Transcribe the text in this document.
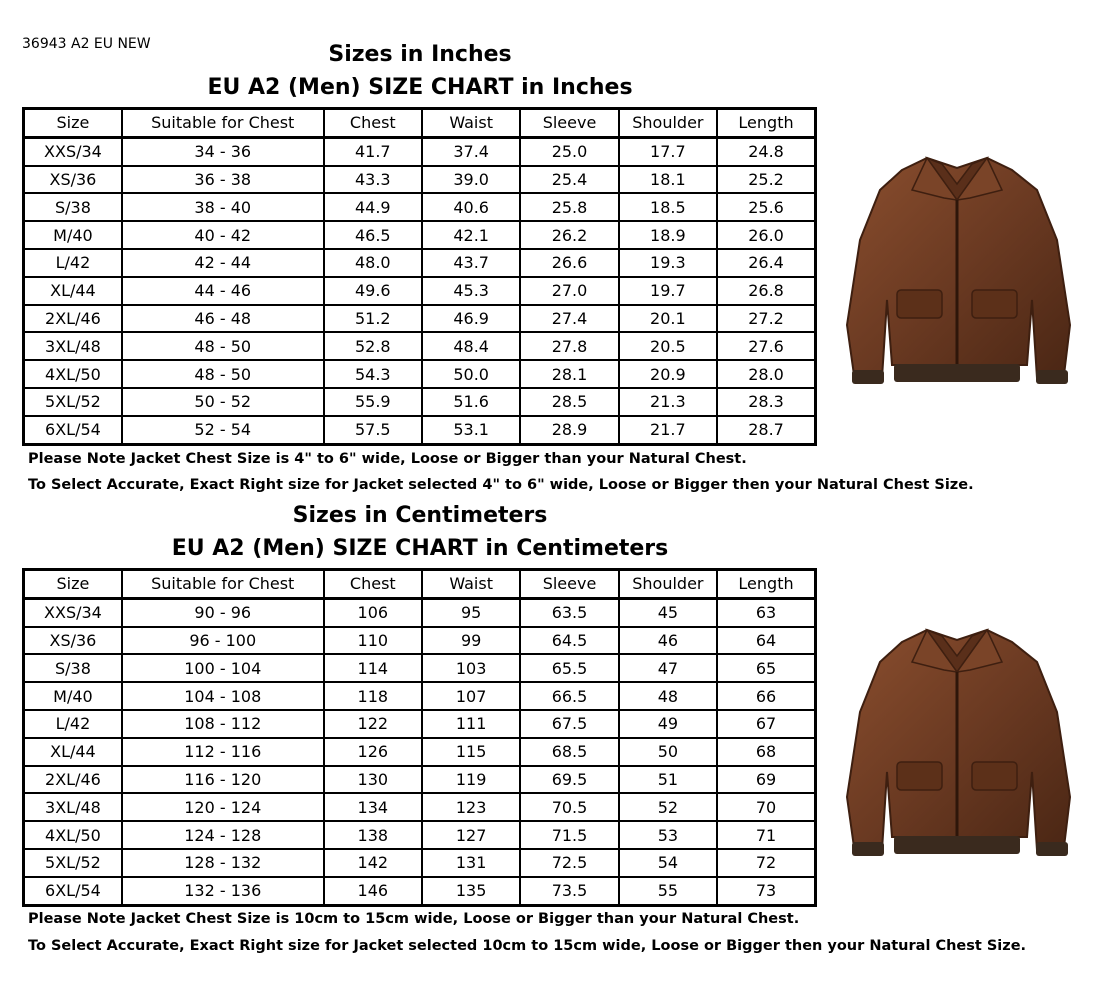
36943 A2 EU NEW	Sizes in Inches
EU A2 (Men) SIZE CHART in Inches
Size	Suitable for Chest	Chest	Waist	Sleeve	Shoulder	Length
XXS/34	34 - 36	41.7	37.4	25.0	17.7	24.8
XS/36	36 - 38	43.3	39.0	25.4	18.1	25.2
S/38	38 - 40	44.9	40.6	25.8	18.5	25.6
M/40	40 - 42	46.5	42.1	26.2	18.9	26.0
L/42	42 - 44	48.0	43.7	26.6	19.3	26.4
XL/44	44 - 46	49.6	45.3	27.0	19.7	26.8
2XL/46	46 - 48	51.2	46.9	27.4	20.1	27.2
3XL/48	48 - 50	52.8	48.4	27.8	20.5	27.6
4XL/50	48 - 50	54.3	50.0	28.1	20.9	28.0
5XL/52	50 - 52	55.9	51.6	28.5	21.3	28.3
6XL/54	52 - 54	57.5	53.1	28.9	21.7	28.7
Please Note Jacket Chest Size is 4" to 6" wide, Loose or Bigger than your Natural Chest.
To Select Accurate, Exact Right size for Jacket selected 4" to 6" wide, Loose or Bigger then your Natural Chest Size.
Sizes in Centimeters
EU A2 (Men) SIZE CHART in Centimeters
Size	Suitable for Chest	Chest	Waist	Sleeve	Shoulder	Length
XXS/34	90 - 96	106	95	63.5	45	63
XS/36	96 - 100	110	99	64.5	46	64
S/38	100 - 104	114	103	65.5	47	65
M/40	104 - 108	118	107	66.5	48	66
L/42	108 - 112	122	111	67.5	49	67
XL/44	112 - 116	126	115	68.5	50	68
2XL/46	116 - 120	130	119	69.5	51	69
3XL/48	120 - 124	134	123	70.5	52	70
4XL/50	124 - 128	138	127	71.5	53	71
5XL/52	128 - 132	142	131	72.5	54	72
6XL/54	132 - 136	146	135	73.5	55	73
Please Note Jacket Chest Size is 10cm to 15cm wide, Loose or Bigger than your Natural Chest.
To Select Accurate, Exact Right size for Jacket selected 10cm to 15cm wide, Loose or Bigger then your Natural Chest Size.
